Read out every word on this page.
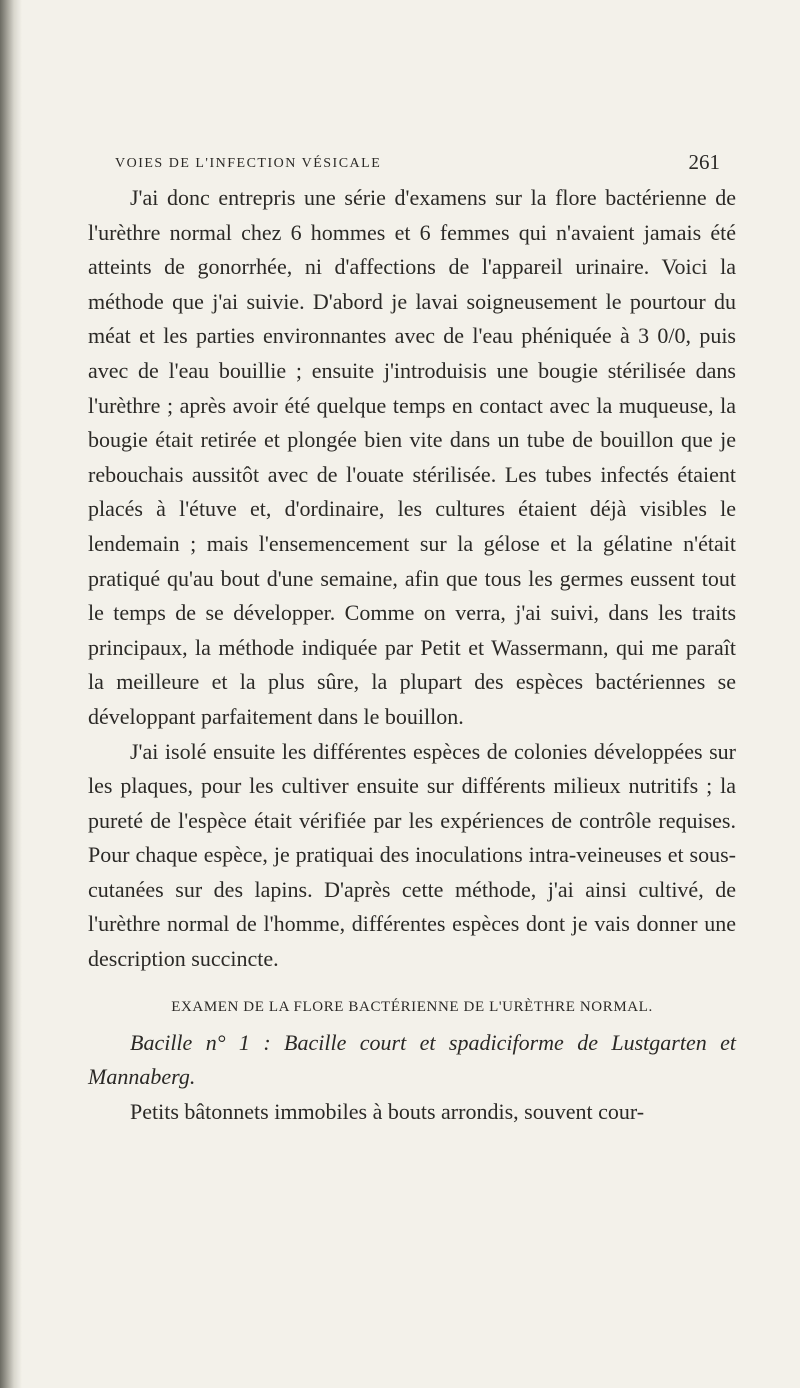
VOIES DE L'INFECTION VÉSICALE	261

J'ai donc entrepris une série d'examens sur la flore bactérienne de l'urèthre normal chez 6 hommes et 6 femmes qui n'avaient jamais été atteints de gonorrhée, ni d'affections de l'appareil urinaire. Voici la méthode que j'ai suivie. D'abord je lavai soigneusement le pourtour du méat et les parties environnantes avec de l'eau phéniquée à 3 0/0, puis avec de l'eau bouillie ; ensuite j'introduisis une bougie stérilisée dans l'urèthre ; après avoir été quelque temps en contact avec la muqueuse, la bougie était retirée et plongée bien vite dans un tube de bouillon que je rebouchais aussitôt avec de l'ouate stérilisée. Les tubes infectés étaient placés à l'étuve et, d'ordinaire, les cultures étaient déjà visibles le lendemain ; mais l'ensemencement sur la gélose et la gélatine n'était pratiqué qu'au bout d'une semaine, afin que tous les germes eussent tout le temps de se développer. Comme on verra, j'ai suivi, dans les traits principaux, la méthode indiquée par Petit et Wassermann, qui me paraît la meilleure et la plus sûre, la plupart des espèces bactériennes se développant parfaitement dans le bouillon.

J'ai isolé ensuite les différentes espèces de colonies développées sur les plaques, pour les cultiver ensuite sur différents milieux nutritifs ; la pureté de l'espèce était vérifiée par les expériences de contrôle requises. Pour chaque espèce, je pratiquai des inoculations intra-veineuses et sous-cutanées sur des lapins. D'après cette méthode, j'ai ainsi cultivé, de l'urèthre normal de l'homme, différentes espèces dont je vais donner une description succincte.

EXAMEN DE LA FLORE BACTÉRIENNE DE L'URÈTHRE NORMAL.

Bacille n° 1 : Bacille court et spadiciforme de Lustgarten et Mannaberg.

Petits bâtonnets immobiles à bouts arrondis, souvent cour-
